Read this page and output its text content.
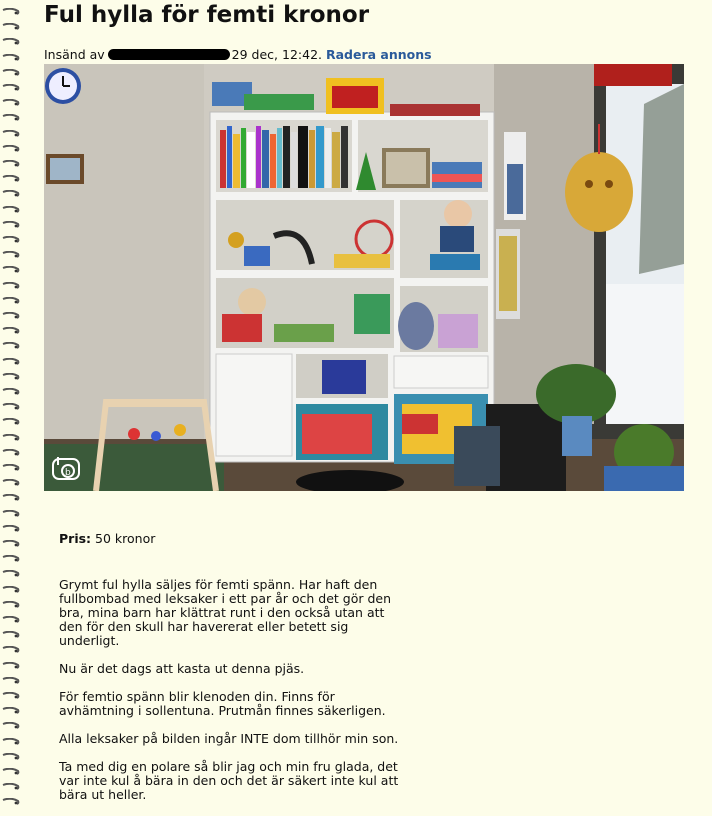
Ful hylla för femti kronor
Insänd av	29 dec, 12:42. Radera annons
b
Pris: 50 kronor

Grymt ful hylla säljes för femti spänn. Har haft den fullbombad med leksaker i ett par år och det gör den bra, mina barn har klättrat runt i den också utan att den för den skull har havererat eller betett sig underligt.

Nu är det dags att kasta ut denna pjäs.

För femtio spänn blir klenoden din. Finns för avhämtning i sollentuna. Prutmån finnes säkerligen.

Alla leksaker på bilden ingår INTE dom tillhör min son.

Ta med dig en polare så blir jag och min fru glada, det var inte kul å bära in den och det är säkert inte kul att bära ut heller.
